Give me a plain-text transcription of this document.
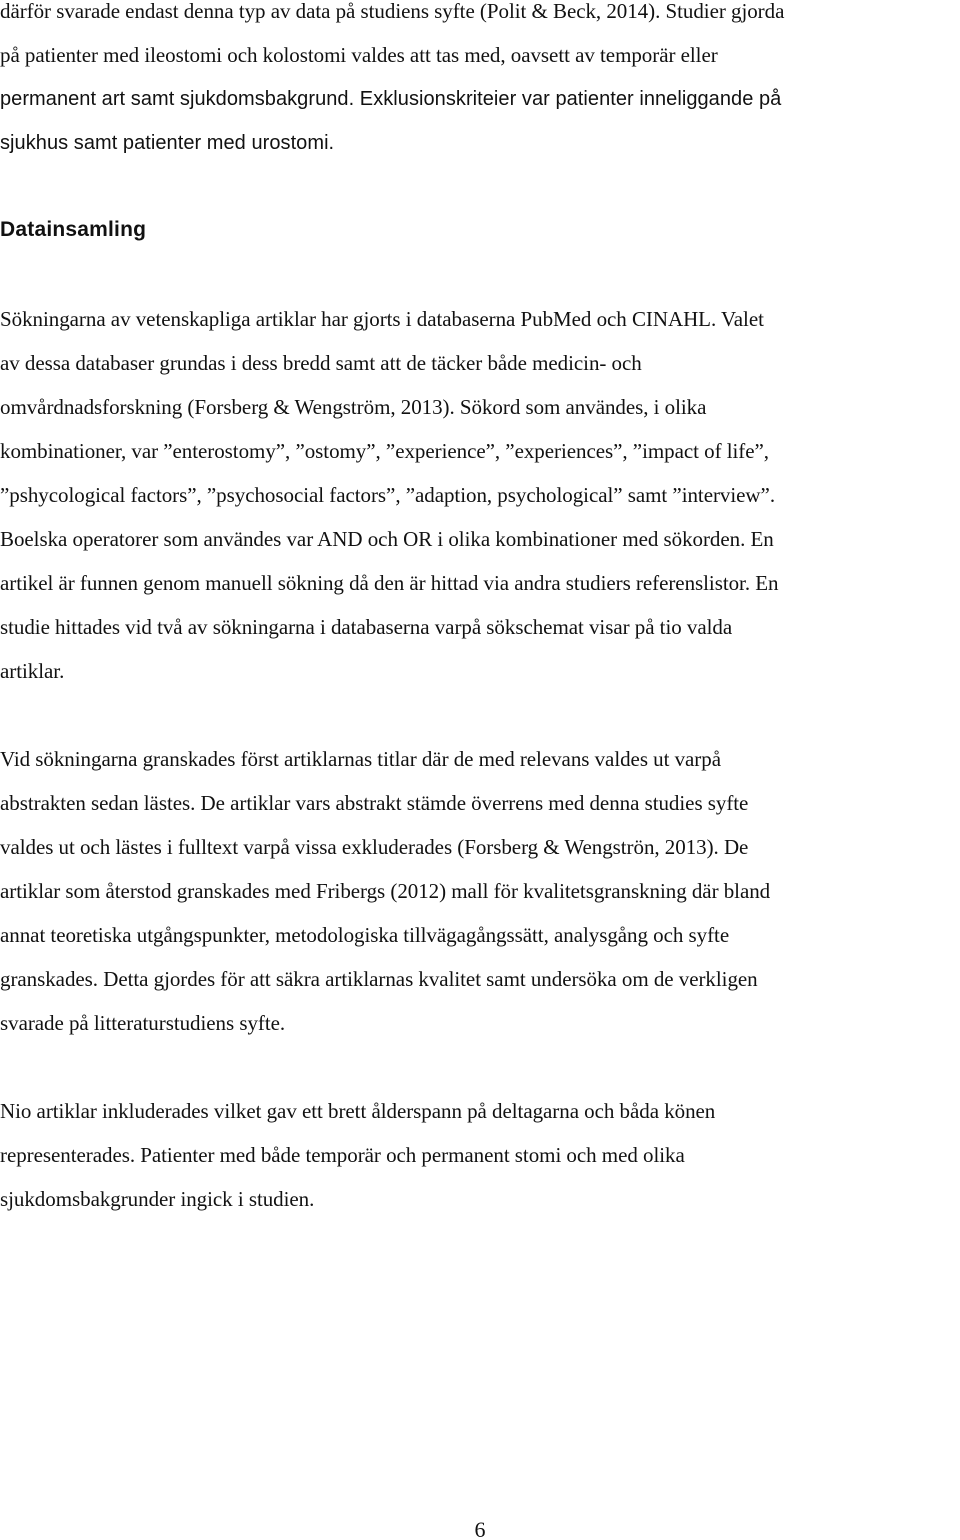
därför svarade endast denna typ av data på studiens syfte (Polit & Beck, 2014). Studier gjorda
på patienter med ileostomi och kolostomi valdes att tas med, oavsett av temporär eller
permanent art samt sjukdomsbakgrund. Exklusionskriteier var patienter inneliggande på
sjukhus samt patienter med urostomi.
Datainsamling
Sökningarna av vetenskapliga artiklar har gjorts i databaserna PubMed och CINAHL. Valet
av dessa databaser grundas i dess bredd samt att de täcker både medicin- och
omvårdnadsforskning (Forsberg & Wengström, 2013). Sökord som användes, i olika
kombinationer, var ”enterostomy”, ”ostomy”, ”experience”, ”experiences”, ”impact of life”,
”pshycological factors”, ”psychosocial factors”, ”adaption, psychological” samt ”interview”.
Boelska operatorer som användes var AND och OR i olika kombinationer med sökorden. En
artikel är funnen genom manuell sökning då den är hittad via andra studiers referenslistor. En
studie hittades vid två av sökningarna i databaserna varpå sökschemat visar på tio valda
artiklar.
Vid sökningarna granskades först artiklarnas titlar där de med relevans valdes ut varpå
abstrakten sedan lästes. De artiklar vars abstrakt stämde överrens med denna studies syfte
valdes ut och lästes i fulltext varpå vissa exkluderades (Forsberg & Wengströn, 2013). De
artiklar som återstod granskades med Fribergs (2012) mall för kvalitetsgranskning där bland
annat teoretiska utgångspunkter, metodologiska tillvägagångssätt, analysgång och syfte
granskades. Detta gjordes för att säkra artiklarnas kvalitet samt undersöka om de verkligen
svarade på litteraturstudiens syfte.
Nio artiklar inkluderades vilket gav ett brett ålderspann på deltagarna och båda könen
representerades. Patienter med både temporär och permanent stomi och med olika
sjukdomsbakgrunder ingick i studien.
6
